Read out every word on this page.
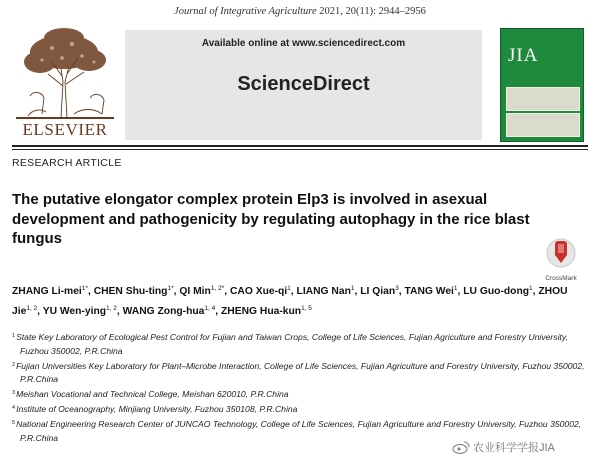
Journal of Integrative Agriculture 2021, 20(11): 2944–2956
ELSEVIER
Available online at www.sciencedirect.com
ScienceDirect
JIA
RESEARCH ARTICLE
The putative elongator complex protein Elp3 is involved in asexual development and pathogenicity by regulating autophagy in the rice blast fungus
CrossMark

ZHANG Li-mei$^{1*}$, CHEN Shu-ting$^{1*}$, QI Min$^{1, 2*}$, CAO Xue-$qi^1$, LIANG Nan$^1$, LI Qian$^3$, TANG Wei$^1$, LU Guo-dong$^1$, ZHOU Jie$^{1, 2}$, YU Wen-ying$^{1, 2}$, WANG Zong-hua$^{1, 4}$, ZHENG Hua-kun$^{1, 5}$

$^1$State Key Laboratory of Ecological Pest Control for Fujian and Taiwan Crops, College of Life Sciences, Fujian Agriculture and Forestry University, Fuzhou 350002, P.R.China
$^2$Fujian Universities Key Laboratory for Plant–Microbe Interaction, College of Life Sciences, Fujian Agriculture and Forestry University, Fuzhou 350002, P.R.China
$^3$Meishan Vocational and Technical College, Meishan 620010, P.R.China
$^4$Institute of Oceanography, Minjiang University, Fuzhou 350108, P.R.China
$^5$National Engineering Research Center of JUNCAO Technology, College of Life Sciences, Fujian Agriculture and Forestry University, Fuzhou 350002, P.R.China
农业科学学报JIA
